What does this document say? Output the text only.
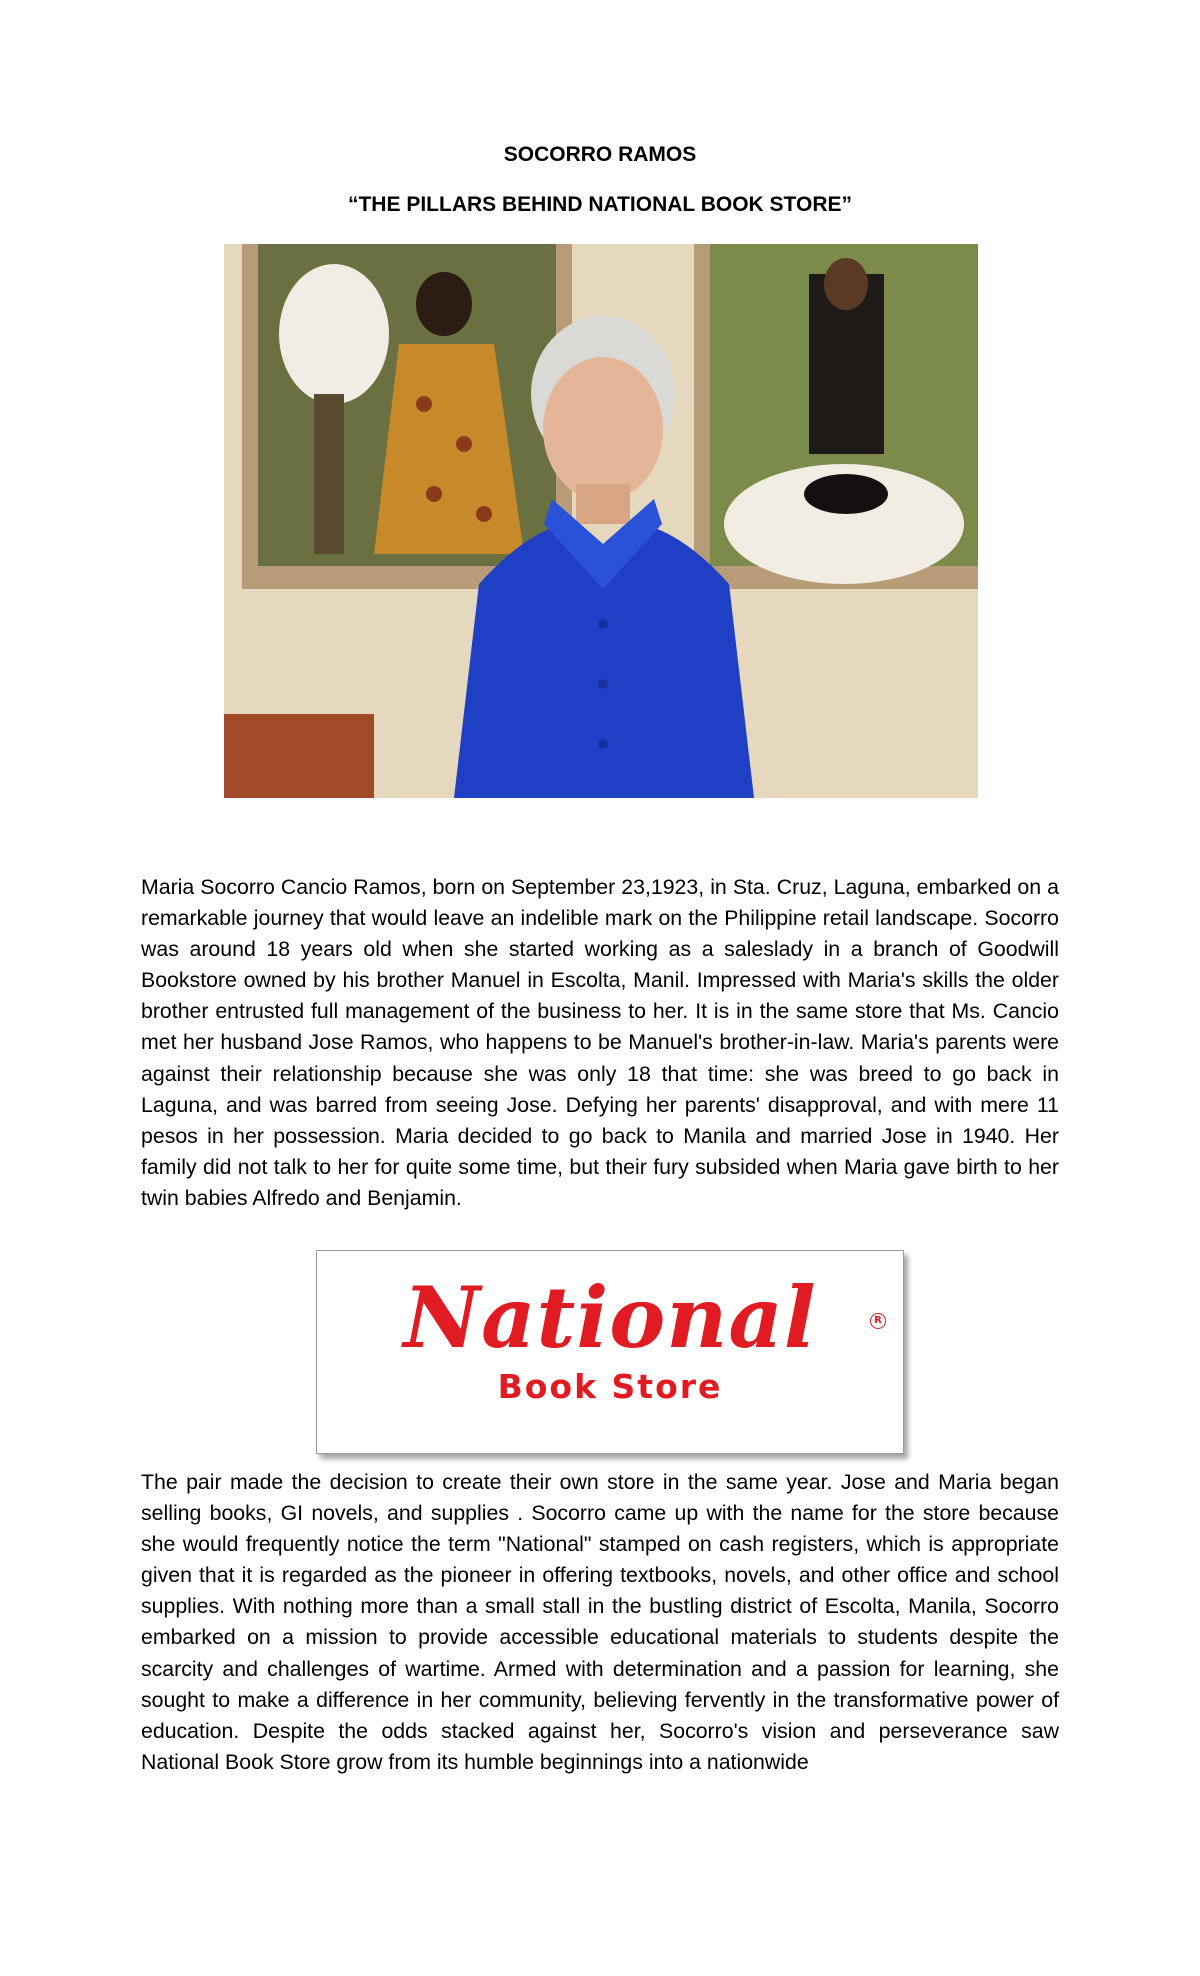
SOCORRO RAMOS
“THE PILLARS BEHIND NATIONAL BOOK STORE”

Maria Socorro Cancio Ramos, born on September 23,1923, in Sta. Cruz, Laguna, embarked on a remarkable journey that would leave an indelible mark on the Philippine retail landscape. Socorro was around 18 years old when she started working as a saleslady in a branch of Goodwill Bookstore owned by his brother Manuel in Escolta, Manil. Impressed with Maria's skills the older brother entrusted full management of the business to her. It is in the same store that Ms. Cancio met her husband Jose Ramos, who happens to be Manuel's brother-in-law. Maria's parents were against their relationship because she was only 18 that time: she was breed to go back in Laguna, and was barred from seeing Jose. Defying her parents' disapproval, and with mere 11 pesos in her possession. Maria decided to go back to Manila and married Jose in 1940. Her family did not talk to her for quite some time, but their fury subsided when Maria gave birth to her twin babies Alfredo and Benjamin.

National
Book Store
R

The pair made the decision to create their own store in the same year. Jose and Maria began selling books, GI novels, and supplies . Socorro came up with the name for the store because she would frequently notice the term "National" stamped on cash registers, which is appropriate given that it is regarded as the pioneer in offering textbooks, novels, and other office and school supplies. With nothing more than a small stall in the bustling district of Escolta, Manila, Socorro embarked on a mission to provide accessible educational materials to students despite the scarcity and challenges of wartime. Armed with determination and a passion for learning, she sought to make a difference in her community, believing fervently in the transformative power of education. Despite the odds stacked against her, Socorro's vision and perseverance saw National Book Store grow from its humble beginnings into a nationwide
